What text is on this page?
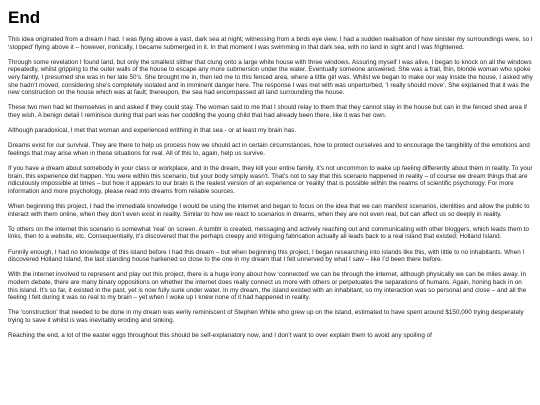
End

This idea originated from a dream I had. I was flying above a vast, dark sea at night; witnessing from a birds eye view. I had a sudden realisation of how sinister my surroundings were, so I ‘stopped’ flying above it – however, ironically, I became submerged in it. In that moment I was swimming in that dark sea, with no land in sight and I was frightened.

Through some revelation I found land, but only the smallest slither that clung onto a large white house with three windows. Assuring myself I was alive, I began to knock on all the windows repeatedly, whilst gripping to the outer walls of the house to escape any more submersion under the water. Eventually someone answered. She was a frail, thin, blonde woman who spoke very faintly, I presumed she was in her late 50’s. She brought me in, then led me to this fenced area, where a little girl was. Whilst we began to make our way inside the house, I asked why she hadn’t moved, considering she’s completely isolated and in imminent danger here. The response I was met with was unperturbed, ‘I really should move’. She explained that it was the new construction on the house which was at fault; thereupon, the sea had encompassed all land surrounding the house.

These two men had let themselves in and asked if they could stay. The woman said to me that I should relay to them that they cannot stay in the house but can in the fenced shed area if they wish. A benign detail I reminisce during that part was her coddling the young child that had already been there, like it was her own.

Although paradoxical, I met that woman and experienced writhing in that sea - or at least my brain has.

Dreams exist for our survival. They are there to help us process how we should act in certain circumstances, how to protect ourselves and to encourage the tangibility of the emotions and feelings that may arise when in these situations for real. All of this to, again, help us survive.

If you have a dream about somebody in your class or workplace, and in the dream, they kill your entire family, it’s not uncommon to wake up feeling differently about them in reality. To your brain, this experience did happen. You were within this scenario, but your body simply wasn’t. That’s not to say that this scenario happened in reality – of course we dream things that are ridiculously impossible at times – but how it appears to our brain is the realest version of an experience or ‘reality’ that is possible within the realms of scientific psychology. For more information and more psychology, please read into dreams from reliable sources.

When beginning this project, I had the immediate knowledge I would be using the internet and began to focus on the idea that we can manifest scenarios, identities and allow the public to interact with them online, when they don’t even exist in reality. Similar to how we react to scenarios in dreams, when they are not even real, but can affect us so deeply in reality.

To others on the internet this scenario is somewhat ‘real’ on screen. A tumblr is created, messaging and actively reaching out and communicating with other bloggers, which leads them to links, then to a website, etc. Consequentially, it’s discovered that the perhaps creepy and intriguing fabrication actually all leads back to a real island that existed; Holland Island.

Funnily enough, I had no knowledge of this island before I had this dream – but when beginning this project, I began researching into islands like this, with little to no inhabitants. When I discovered Holland Island, the last standing house harkened so close to the one in my dream that I felt unnerved by what I saw – like I’d been there before.

With the internet involved to represent and play out this project, there is a huge irony about how ‘connected’ we can be through the internet, although physically we can be miles away. In modern debate, there are many binary oppositions on whether the internet does really connect us more with others or perpetuates the separations of humans. Again, honing back in on this island. It’s so far, it existed in the past, yet is now fully sunk under water. In my dream, the island existed with an inhabitant, so my interaction was so personal and close – and all the feeling I felt during it was so real to my brain – yet when I woke up I knew none of it had happened in reality.

The ‘construction’ that needed to be done in my dream was eerily reminiscent of Stephen White who grew up on the island, estimated to have spent around $150,000 trying desperately trying to save it whilst is was inevitably eroding and sinking.

Reaching the end, a lot of the easter eggs throughout this should be self-explanatory now, and I don’t want to over explain them to avoid any spoiling of
